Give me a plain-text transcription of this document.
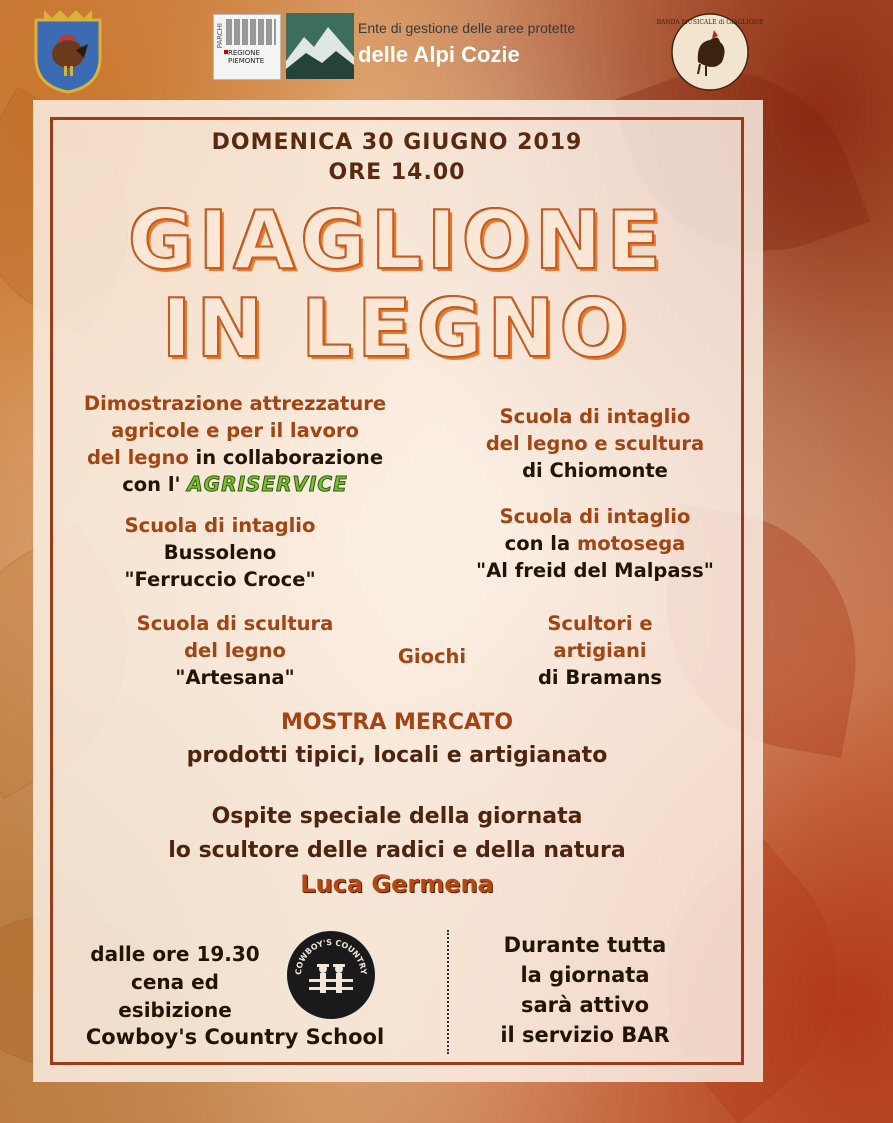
PARCHI
REGIONE
PIEMONTE
Ente di gestione delle aree protette
delle Alpi Cozie
BANDA MUSICALE di GIAGLIONE
DOMENICA 30 GIUGNO 2019
ORE 14.00
GIAGLIONE
IN LEGNO
Dimostrazione attrezzature
agricole e per il lavoro
del legno in collaborazione
con l' AGRISERVICE
Scuola di intaglio
del legno e scultura
di Chiomonte
Scuola di intaglio
Bussoleno
"Ferruccio Croce"
Scuola di intaglio
con la motosega
"Al freid del Malpass"
Scuola di scultura
del legno
"Artesana"
Giochi
Scultori e
artigiani
di Bramans
MOSTRA MERCATO
prodotti tipici, locali e artigianato
Ospite speciale della giornata
lo scultore delle radici e della natura
Luca Germena
dalle ore 19.30
cena ed
esibizione
Cowboy's Country School
COWBOY'S COUNTRY
Durante tutta
la giornata
sarà attivo
il servizio BAR
